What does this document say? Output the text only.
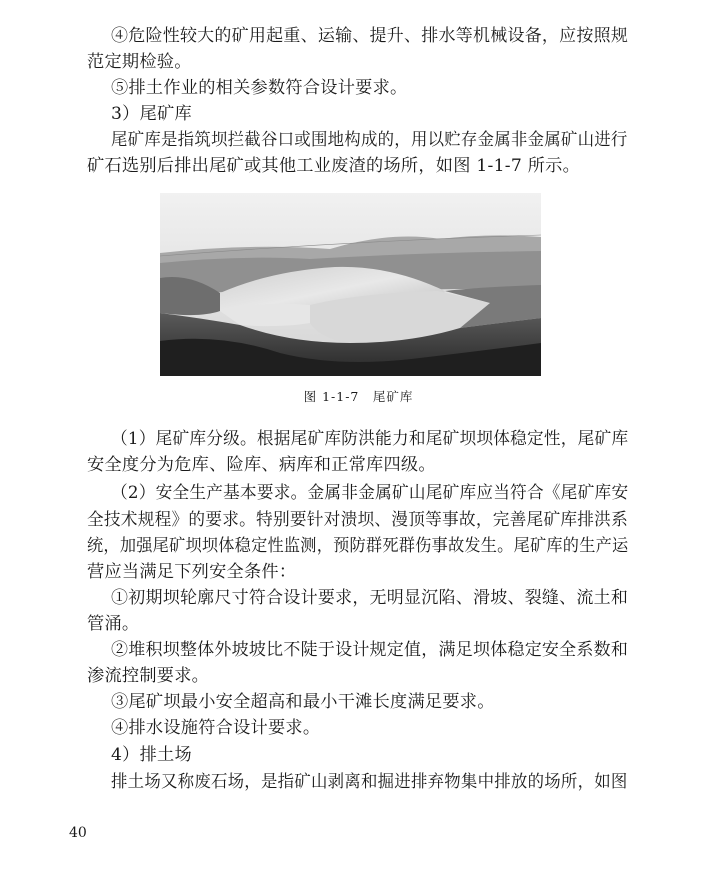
④危险性较大的矿用起重、运输、提升、排水等机械设备，应按照规
范定期检验。
⑤排土作业的相关参数符合设计要求。
3）尾矿库
尾矿库是指筑坝拦截谷口或围地构成的，用以贮存金属非金属矿山进行
矿石选别后排出尾矿或其他工业废渣的场所，如图 1-1-7 所示。
图 1-1-7　尾矿库
（1）尾矿库分级。根据尾矿库防洪能力和尾矿坝坝体稳定性，尾矿库
安全度分为危库、险库、病库和正常库四级。
（2）安全生产基本要求。金属非金属矿山尾矿库应当符合《尾矿库安
全技术规程》的要求。特别要针对溃坝、漫顶等事故，完善尾矿库排洪系
统，加强尾矿坝坝体稳定性监测，预防群死群伤事故发生。尾矿库的生产运
营应当满足下列安全条件：
①初期坝轮廓尺寸符合设计要求，无明显沉陷、滑坡、裂缝、流土和
管涌。
②堆积坝整体外坡坡比不陡于设计规定值，满足坝体稳定安全系数和
渗流控制要求。
③尾矿坝最小安全超高和最小干滩长度满足要求。
④排水设施符合设计要求。
4）排土场
排土场又称废石场，是指矿山剥离和掘进排弃物集中排放的场所，如图
40
